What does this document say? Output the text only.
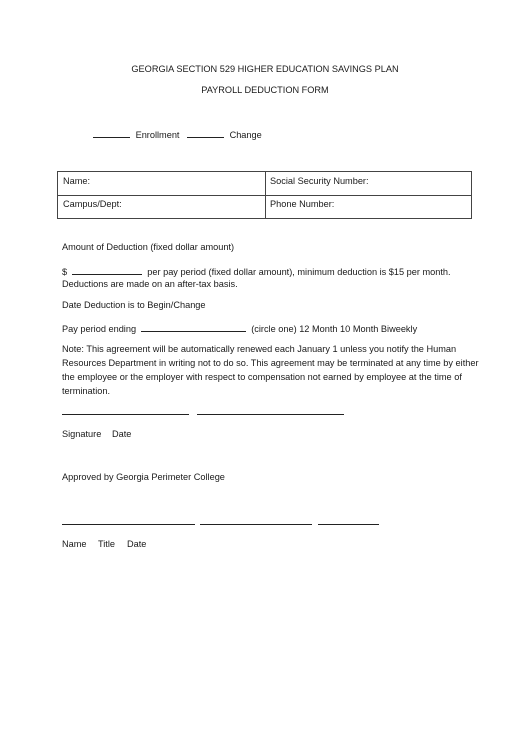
GEORGIA SECTION 529 HIGHER EDUCATION SAVINGS PLAN
PAYROLL DEDUCTION FORM
Enrollment	Change
Name:	Social Security Number:
Campus/Dept:	Phone Number:
Amount of Deduction (fixed dollar amount)
$	per pay period (fixed dollar amount), minimum deduction is $15 per month.
Deductions are made on an after-tax basis.
Date Deduction is to Begin/Change
Pay period ending	(circle one) 12 Month 10 Month Biweekly
Note: This agreement will be automatically renewed each January 1 unless you notify the Human
Resources Department in writing not to do so. This agreement may be terminated at any time by either
the employee or the employer with respect to compensation not earned by employee at the time of
termination.
Signature Date
Approved by Georgia Perimeter College
Name Title Date
